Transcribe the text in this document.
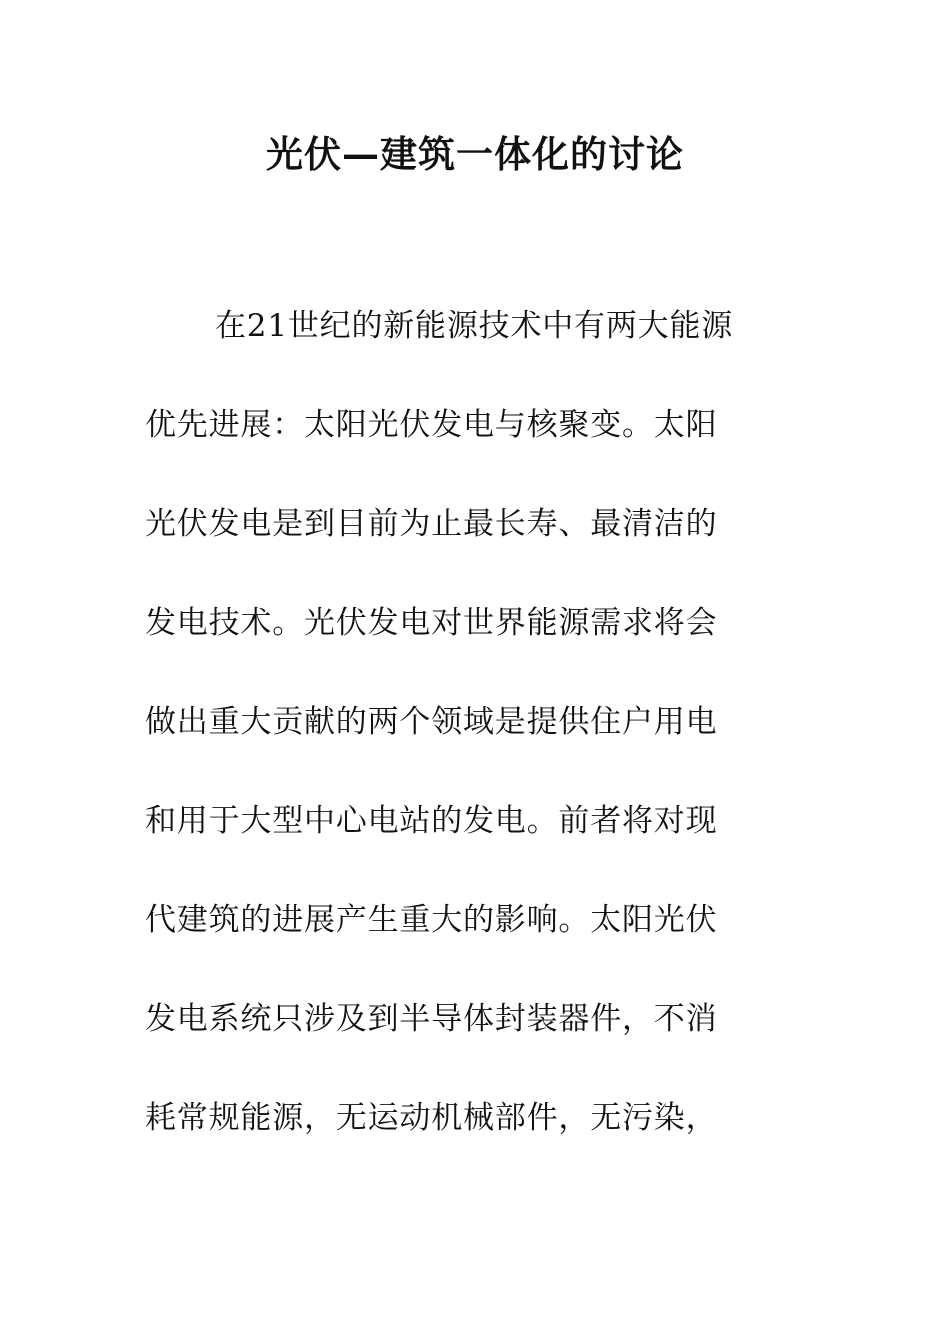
光伏—建筑一体化的讨论

在21世纪的新能源技术中有两大能源

优先进展：太阳光伏发电与核聚变。太阳

光伏发电是到目前为止最长寿、最清洁的

发电技术。光伏发电对世界能源需求将会

做出重大贡献的两个领域是提供住户用电

和用于大型中心电站的发电。前者将对现

代建筑的进展产生重大的影响。太阳光伏

发电系统只涉及到半导体封装器件，不消

耗常规能源，无运动机械部件，无污染，
